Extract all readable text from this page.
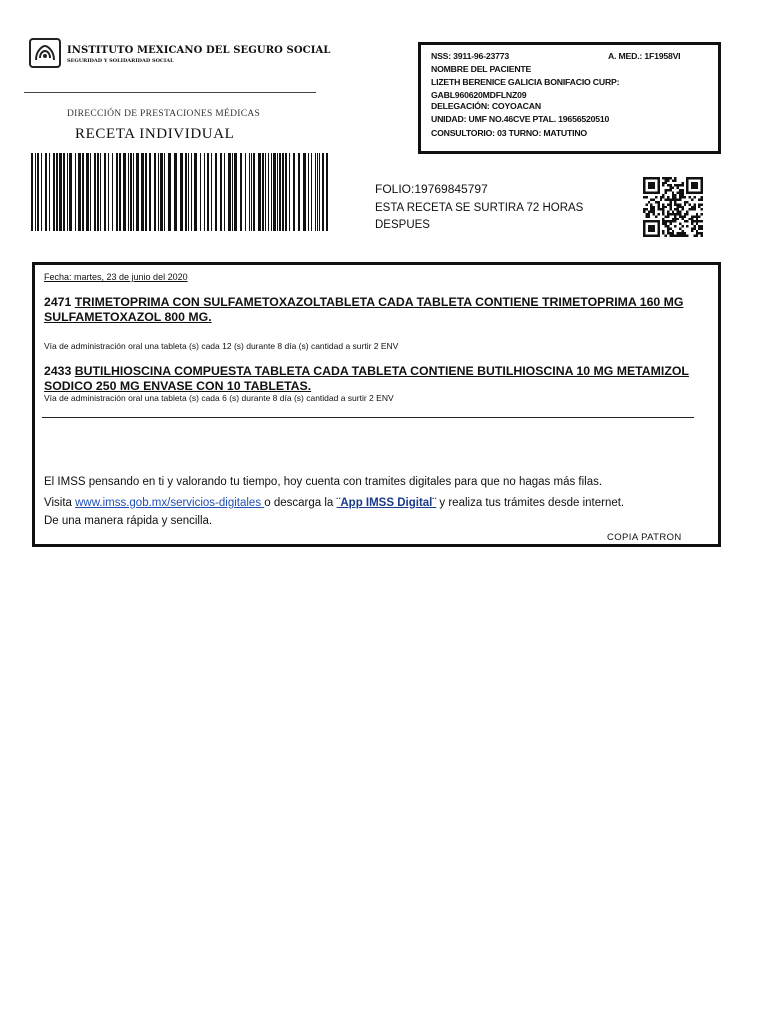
INSTITUTO MEXICANO DEL SEGURO SOCIAL
SEGURIDAD Y SOLIDARIDAD SOCIAL
DIRECCIÓN DE PRESTACIONES MÉDICAS
RECETA INDIVIDUAL
NSS: 3911-96-23773	A. MED.: 1F1958VI
NOMBRE DEL PACIENTE
LIZETH BERENICE GALICIA BONIFACIO CURP:
GABL960620MDFLNZ09
DELEGACIÓN: COYOACAN
UNIDAD: UMF NO.46CVE PTAL. 19656520510
CONSULTORIO: 03 TURNO: MATUTINO
FOLIO:19769845797
ESTA RECETA SE SURTIRA 72 HORAS DESPUES
Fecha: martes, 23 de junio del 2020
2471 TRIMETOPRIMA CON SULFAMETOXAZOLTABLETA CADA TABLETA CONTIENE TRIMETOPRIMA 160 MG SULFAMETOXAZOL 800 MG.
Vía de administración oral una tableta (s) cada 12 (s) durante 8 día (s) cantidad a surtir 2 ENV
2433 BUTILHIOSCINA COMPUESTA TABLETA CADA TABLETA CONTIENE BUTILHIOSCINA 10 MG METAMIZOL SODICO 250 MG ENVASE CON 10 TABLETAS.
Vía de administración oral una tableta (s) cada 6 (s) durante 8 día (s) cantidad a surtir 2 ENV
El IMSS pensando en ti y valorando tu tiempo, hoy cuenta con tramites digitales para que no hagas más filas.
Visita www.imss.gob.mx/servicios-digitales o descarga la ¨App IMSS Digital¨ y realiza tus trámites desde internet.
De una manera rápida y sencilla.
COPIA PATRON
